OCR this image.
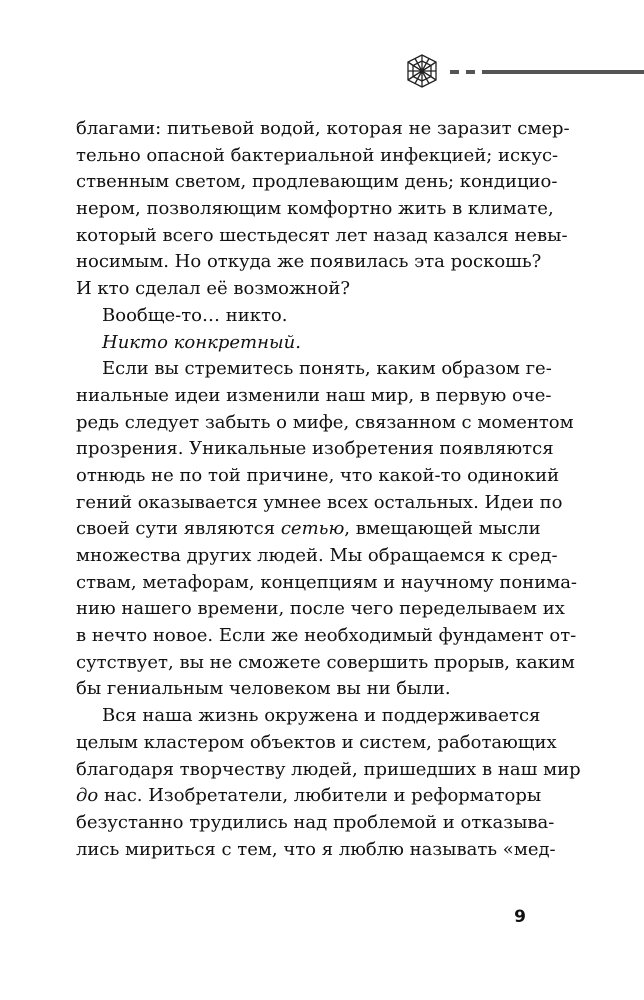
благами: питьевой водой, которая не заразит смер-
тельно опасной бактериальной инфекцией; искус-
ственным светом, продлевающим день; кондицио-
нером, позволяющим комфортно жить в климате,
который всего шестьдесят лет назад казался невы-
носимым. Но откуда же появилась эта роскошь?
И кто сделал её возможной?
Вообще-то… никто.
Никто конкретный.
Если вы стремитесь понять, каким образом ге-
ниальные идеи изменили наш мир, в первую оче-
редь следует забыть о мифе, связанном с моментом
прозрения. Уникальные изобретения появляются
отнюдь не по той причине, что какой-то одинокий
гений оказывается умнее всех остальных. Идеи по
своей сути являются сетью, вмещающей мысли
множества других людей. Мы обращаемся к сред-
ствам, метафорам, концепциям и научному понима-
нию нашего времени, после чего переделываем их
в нечто новое. Если же необходимый фундамент от-
сутствует, вы не сможете совершить прорыв, каким
бы гениальным человеком вы ни были.
Вся наша жизнь окружена и поддерживается
целым кластером объектов и систем, работающих
благодаря творчеству людей, пришедших в наш мир
до нас. Изобретатели, любители и реформаторы
безустанно трудились над проблемой и отказыва-
лись мириться с тем, что я люблю называть «мед-
9
